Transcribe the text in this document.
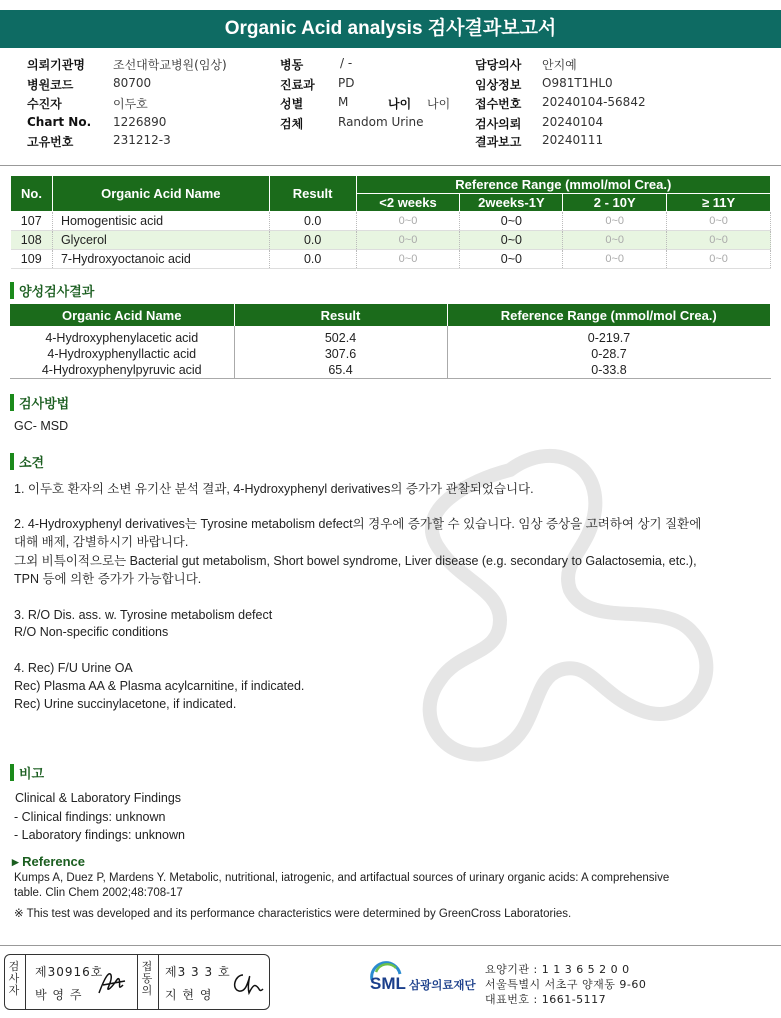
Organic Acid analysis 검사결과보고서
의뢰기관명 조선대학교병원(임상)
병원코드	80700
수진자	이두호
Chart No. 1226890
고유번호	231212-3
병동	/ -
진료과 PD
성별	M	나이 나이
검체	Random Urine
담당의사 안지예
임상정보 O981T1HL0
접수번호 20240104-56842
검사의뢰 20240104
결과보고 20240111
No.	Organic Acid Name	Result	Reference Range (mmol/mol Crea.)			
			<2 weeks	2weeks-1Y	2 - 10Y	≥ 11Y
107	Homogentisic acid	0.0	0~0	0~0	0~0	0~0
108	Glycerol	0.0	0~0	0~0	0~0	0~0
109	7-Hydroxyoctanoic acid	0.0	0~0	0~0	0~0	0~0
양성검사결과
Organic Acid Name	Result	Reference Range (mmol/mol Crea.)
4-Hydroxyphenylacetic acid	502.4	0-219.7
4-Hydroxyphenyllactic acid	307.6	0-28.7
4-Hydroxyphenylpyruvic acid	65.4	0-33.8
검사방법
GC- MSD
소견
1. 이두호 환자의 소변 유기산 분석 결과, 4-Hydroxyphenyl derivatives의 증가가 관찰되었습니다.
2. 4-Hydroxyphenyl derivatives는 Tyrosine metabolism defect의 경우에 증가할 수 있습니다. 임상 증상을 고려하여 상기 질환에
대해 배제, 감별하시기 바랍니다.
그외 비특이적으로는 Bacterial gut metabolism, Short bowel syndrome, Liver disease (e.g. secondary to Galactosemia, etc.),
TPN 등에 의한 증가가 가능합니다.
3. R/O Dis. ass. w. Tyrosine metabolism defect
R/O Non-specific conditions
4. Rec) F/U Urine OA
Rec) Plasma AA & Plasma acylcarnitine, if indicated.
Rec) Urine succinylacetone, if indicated.
비고
Clinical & Laboratory Findings
- Clinical findings: unknown
- Laboratory findings: unknown
▸ Reference
Kumps A, Duez P, Mardens Y. Metabolic, nutritional, iatrogenic, and artifactual sources of urinary organic acids: A comprehensive
table. Clin Chem 2002;48:708-17
※ This test was developed and its performance characteristics were determined by GreenCross Laboratories.
검사자
제30916호
박 영 주
접동의
제3 3 3 호
지 현 영
SML 삼광의료재단
요양기관 : 1 1 3 6 5 2 0 0
서울특별시 서초구 양재동 9-60
대표번호 : 1661-5117
